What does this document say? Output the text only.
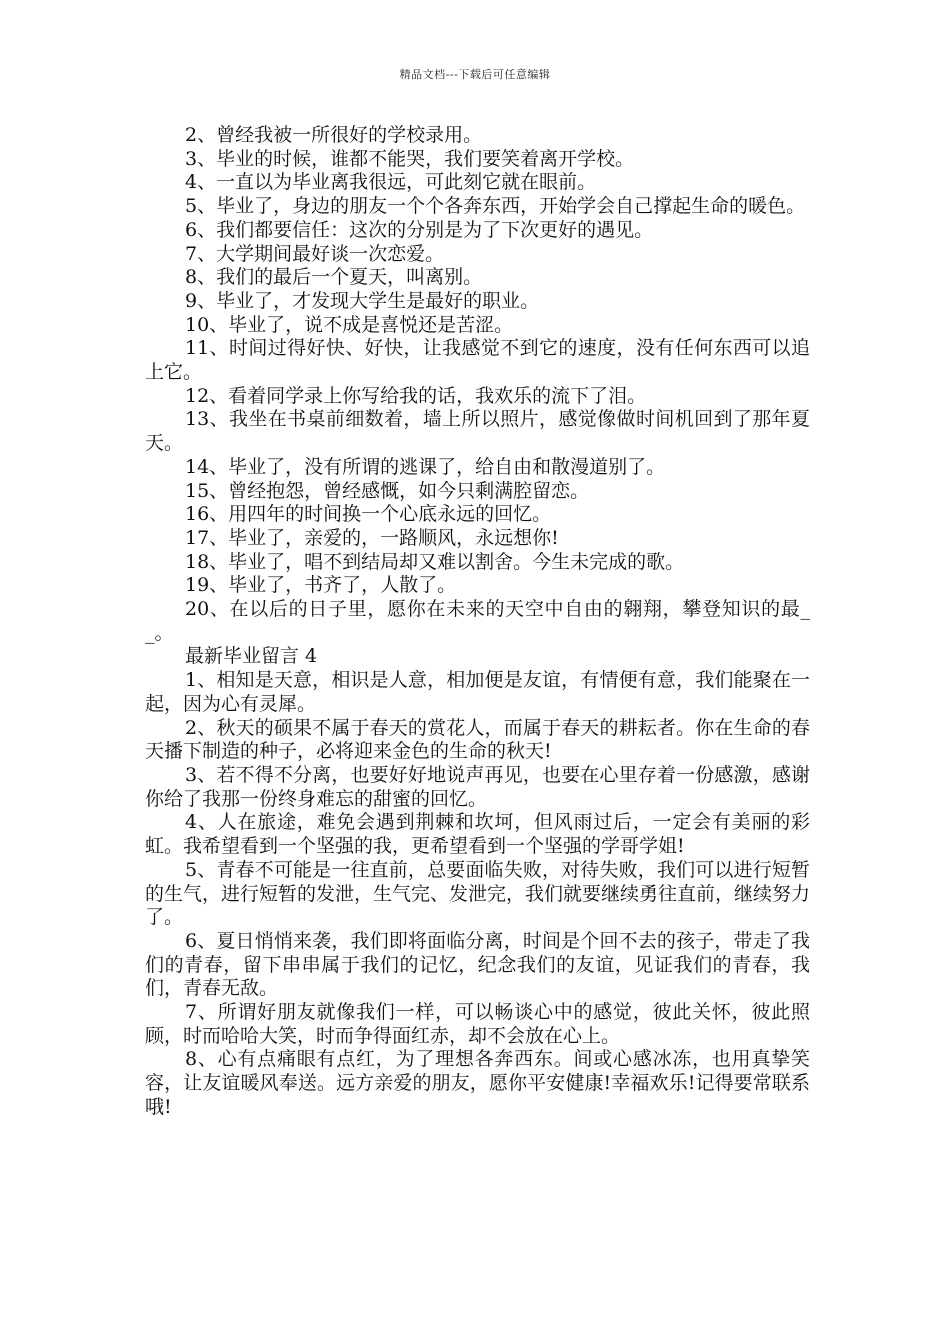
精品文档---下载后可任意编辑

2、曾经我被一所很好的学校录用。

3、毕业的时候，谁都不能哭，我们要笑着离开学校。

4、一直以为毕业离我很远，可此刻它就在眼前。

5、毕业了，身边的朋友一个个各奔东西，开始学会自己撑起生命的暖色。

6、我们都要信任：这次的分别是为了下次更好的遇见。

7、大学期间最好谈一次恋爱。

8、我们的最后一个夏天，叫离别。

9、毕业了，才发现大学生是最好的职业。

10、毕业了，说不成是喜悦还是苦涩。

11、时间过得好快、好快，让我感觉不到它的速度，没有任何东西可以追上它。

12、看着同学录上你写给我的话，我欢乐的流下了泪。

13、我坐在书桌前细数着，墙上所以照片，感觉像做时间机回到了那年夏天。

14、毕业了，没有所谓的逃课了，给自由和散漫道别了。

15、曾经抱怨，曾经感慨，如今只剩满腔留恋。

16、用四年的时间换一个心底永远的回忆。

17、毕业了，亲爱的，一路顺风，永远想你!

18、毕业了，唱不到结局却又难以割舍。今生未完成的歌。

19、毕业了，书齐了，人散了。

20、在以后的日子里，愿你在未来的天空中自由的翱翔，攀登知识的最__。

最新毕业留言 4

1、相知是天意，相识是人意，相加便是友谊，有情便有意，我们能聚在一起，因为心有灵犀。

2、秋天的硕果不属于春天的赏花人，而属于春天的耕耘者。你在生命的春天播下制造的种子，必将迎来金色的生命的秋天!

3、若不得不分离，也要好好地说声再见，也要在心里存着一份感激，感谢你给了我那一份终身难忘的甜蜜的回忆。

4、人在旅途，难免会遇到荆棘和坎坷，但风雨过后，一定会有美丽的彩虹。我希望看到一个坚强的我，更希望看到一个坚强的学哥学姐!

5、青春不可能是一往直前，总要面临失败，对待失败，我们可以进行短暂的生气，进行短暂的发泄，生气完、发泄完，我们就要继续勇往直前，继续努力了。

6、夏日悄悄来袭，我们即将面临分离，时间是个回不去的孩子，带走了我们的青春，留下串串属于我们的记忆，纪念我们的友谊，见证我们的青春，我们，青春无敌。

7、所谓好朋友就像我们一样，可以畅谈心中的感觉，彼此关怀，彼此照顾，时而哈哈大笑，时而争得面红赤，却不会放在心上。

8、心有点痛眼有点红，为了理想各奔西东。间或心感冰冻，也用真挚笑容，让友谊暖风奉送。远方亲爱的朋友，愿你平安健康!幸福欢乐!记得要常联系哦!
